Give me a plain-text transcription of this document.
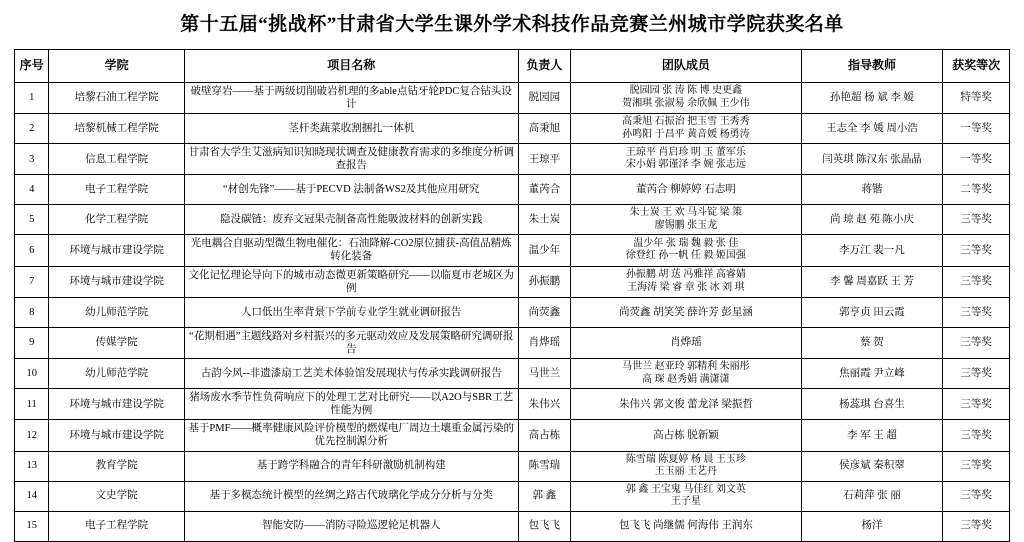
第十五届“挑战杯”甘肃省大学生课外学术科技作品竞赛兰州城市学院获奖名单
序号	学院	项目名称	负责人	团队成员	指导教师	获奖等次
1	培黎石油工程学院	破壁穿岩——基于两级切削破岩机理的多able点钻牙轮PDC复合钻头设计	脱园园	脱园园 张 涛 陈 博 史更鑫
贺湘琪 张淑易 余欣佩 王少伟	孙艳超 杨 斌 李 嫒	特等奖
2	培黎机械工程学院	茎杆类蔬菜收割捆扎一体机	高秉旭	高秉旭 石振治 把玉雪 王秀秀
孙鸣阳 于昌平 黄音媛 杨勇涛	王志全 李 媛 周小浩	一等奖
3	信息工程学院	甘肃省大学生艾滋病知识知晓现状调查及健康教育需求的多维度分析调查报告	王琼平	王琼平 肖启珍 明 玉 董军乐
宋小娟 郭谨泽 李 婉 张志远	闫英琪 陈汉东 张晶晶	一等奖
4	电子工程学院	“材创先锋”——基于PECVD 法制备WS2及其他应用研究	董芮合	董芮合 柳婷婷 石志明	蒋锴	二等奖
5	化学工程学院	隐没碳链：废弃文冠果壳制备高性能吸波材料的创新实践	朱士炭	朱士炭 王 欢 马斗锭 梁 策
廖锡鹏 张玉龙	尚 琼 赵 苑 陈小庆	三等奖
6	环境与城市建设学院	光电耦合自驱动型微生物电催化：石油降解-CO2原位捕获-高值品精炼转化装备	温少年	温少年 张 瑞 魏 毅 张 佳
徐登红 孙一帆 任 毅 姬国强	李万江 裴一凡	三等奖
7	环境与城市建设学院	文化记忆理论导向下的城市动态微更新策略研究——以临夏市老城区为例	孙振鹏	孙振鹏 胡 荙 冯雅祥 高睿婧
王海涛 梁 睿 章 张 冰 刘 琪	李 馨 周嘉跃 王 芳	三等奖
8	幼儿师范学院	人口低出生率背景下学前专业学生就业调研报告	尚荧鑫	尚荧鑫 胡笑笑 薛许芳 彭星涵	郭亨贞 田云霞	三等奖
9	传媒学院	“花期相遇”主题线路对乡村振兴的多元驱动效应及发展策略研究调研报告	肖烨瑶	肖烨瑶	蔡 贺	三等奖
10	幼儿师范学院	古韵今风--非遗漆扇工艺美术体验馆发展现状与传承实践调研报告	马世兰	马世兰 赵亚玲 郭精利 朱丽彤
高 琛 赵秀娟 满潇潇	焦丽霞 尹立峰	三等奖
11	环境与城市建设学院	猪场废水季节性负荷响应下的处理工艺对比研究——以A2O与SBR工艺性能为例	朱伟兴	朱伟兴 郭文俊 蕾龙泽 梁振哲	杨蕊琪 台喜生	三等奖
12	环境与城市建设学院	基于PMF——概率健康风险评价模型的燃煤电厂周边土壤重金属污染的优先控制源分析	高占栋	高占栋 脱新颖	李 军 王 超	三等奖
13	教育学院	基于跨学科融合的青年科研激励机制构建	陈雪瑞	陈雪瑞 陈夏婷 杨 晨 王玉珍
王玉丽 王艺丹	侯彦斌 秦积翠	三等奖
14	文史学院	基于多模态统计模型的丝绸之路古代玻璃化学成分分析与分类	郭 鑫	郭 鑫 王宝鬼 马佳红 刘文英
王子星	石莉萍 张 丽	三等奖
15	电子工程学院	智能安防——消防寻险巡逻轮足机器人	包飞飞	包飞飞 尚继儒 何海伟 王润东	杨洋	三等奖
